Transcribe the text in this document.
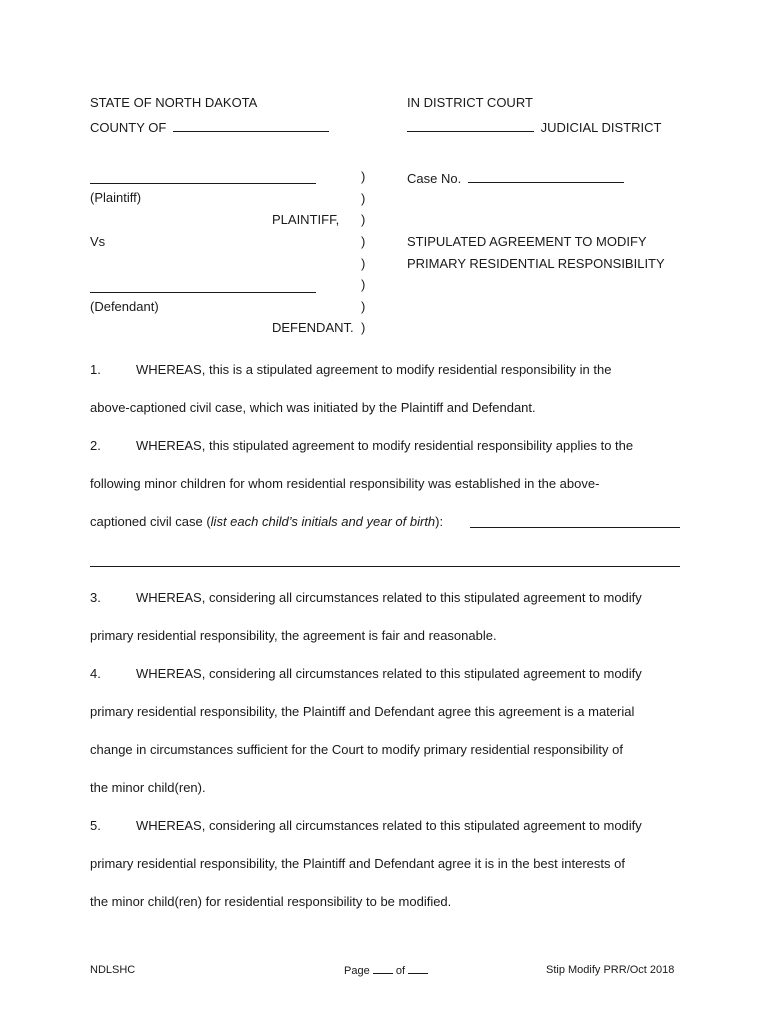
STATE OF NORTH DAKOTA
COUNTY OF
IN DISTRICT COURT
JUDICIAL DISTRICT
(Plaintiff)
PLAINTIFF,
Vs
(Defendant)
DEFENDANT.
)
)
)
)
)
)
)
)
Case No.
STIPULATED AGREEMENT TO MODIFY
PRIMARY RESIDENTIAL RESPONSIBILITY
1.	WHEREAS, this is a stipulated agreement to modify residential responsibility in the
above-captioned civil case, which was initiated by the Plaintiff and Defendant.
2.	WHEREAS, this stipulated agreement to modify residential responsibility applies to the
following minor children for whom residential responsibility was established in the above-
captioned civil case (list each child’s initials and year of birth):
3.	WHEREAS, considering all circumstances related to this stipulated agreement to modify
primary residential responsibility, the agreement is fair and reasonable.
4.	WHEREAS, considering all circumstances related to this stipulated agreement to modify
primary residential responsibility, the Plaintiff and Defendant agree this agreement is a material
change in circumstances sufficient for the Court to modify primary residential responsibility of
the minor child(ren).
5.	WHEREAS, considering all circumstances related to this stipulated agreement to modify
primary residential responsibility, the Plaintiff and Defendant agree it is in the best interests of
the minor child(ren) for residential responsibility to be modified.
NDLSHC	Page of	Stip Modify PRR/Oct 2018
